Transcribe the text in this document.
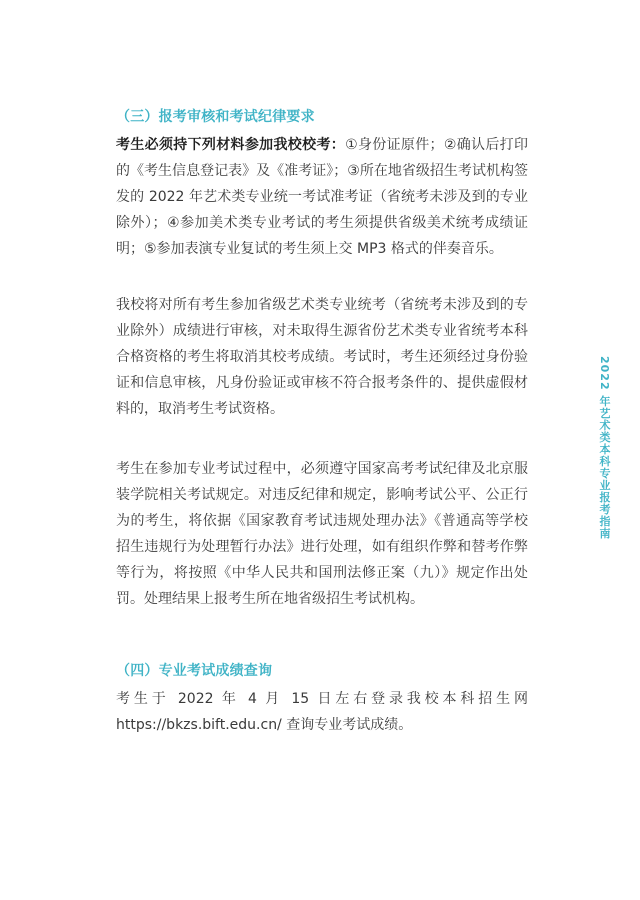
（三）报考审核和考试纪律要求

考生必须持下列材料参加我校校考：①身份证原件；②确认后打印的《考生信息登记表》及《准考证》；③所在地省级招生考试机构签发的 2022 年艺术类专业统一考试准考证（省统考未涉及到的专业除外）；④参加美术类专业考试的考生须提供省级美术统考成绩证明；⑤参加表演专业复试的考生须上交 MP3 格式的伴奏音乐。

我校将对所有考生参加省级艺术类专业统考（省统考未涉及到的专业除外）成绩进行审核，对未取得生源省份艺术类专业省统考本科合格资格的考生将取消其校考成绩。考试时，考生还须经过身份验证和信息审核，凡身份验证或审核不符合报考条件的、提供虚假材料的，取消考生考试资格。

考生在参加专业考试过程中，必须遵守国家高考考试纪律及北京服装学院相关考试规定。对违反纪律和规定，影响考试公平、公正行为的考生，将依据《国家教育考试违规处理办法》《普通高等学校招生违规行为处理暂行办法》进行处理，如有组织作弊和替考作弊等行为，将按照《中华人民共和国刑法修正案（九）》规定作出处罚。处理结果上报考生所在地省级招生考试机构。

（四）专业考试成绩查询

考生于 2022 年 4 月 15 日左右登录我校本科招生网 https://bkzs.bift.edu.cn/ 查询专业考试成绩。

2022 年艺术类本科专业报考指南
